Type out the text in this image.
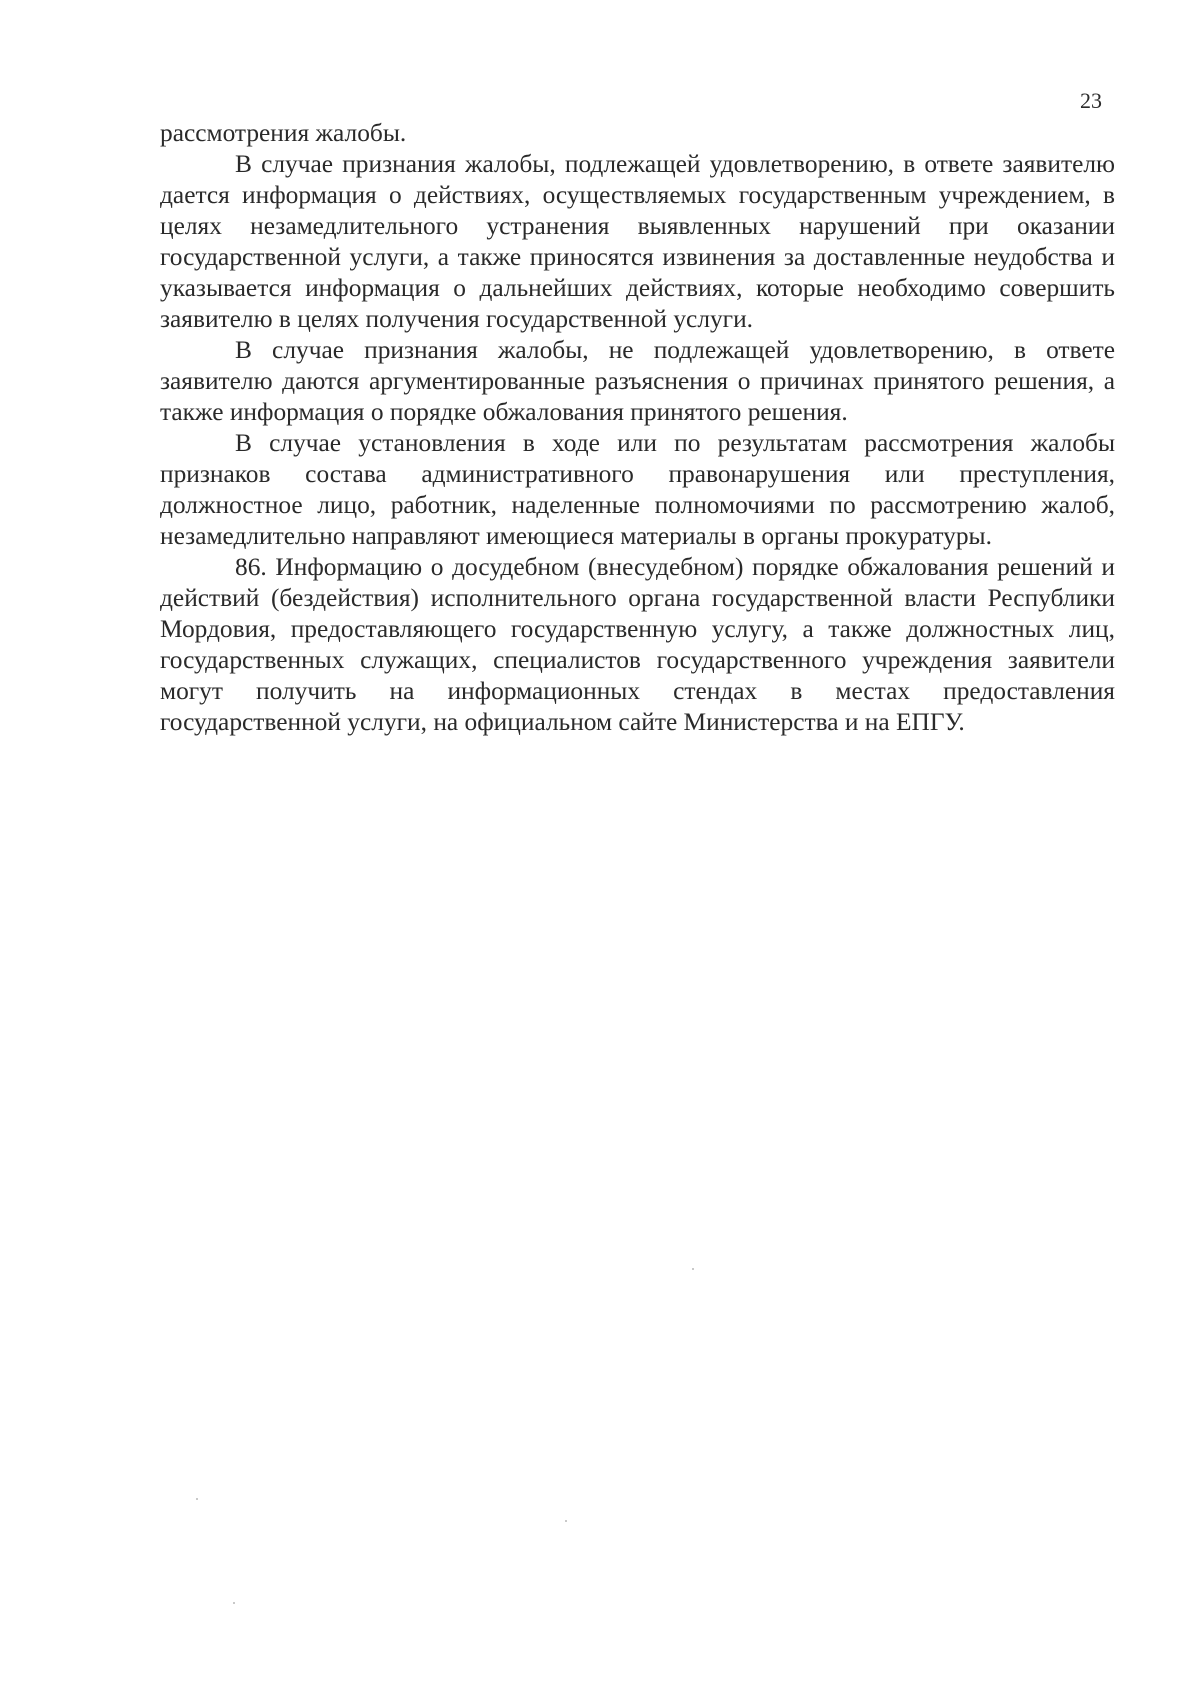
23

рассмотрения жалобы.

В случае признания жалобы, подлежащей удовлетворению, в ответе заявителю дается информация о действиях, осуществляемых государственным учреждением, в целях незамедлительного устранения выявленных нарушений при оказании государственной услуги, а также приносятся извинения за доставленные неудобства и указывается информация о дальнейших действиях, которые необходимо совершить заявителю в целях получения государственной услуги.

В случае признания жалобы, не подлежащей удовлетворению, в ответе заявителю даются аргументированные разъяснения о причинах принятого решения, а также информация о порядке обжалования принятого решения.

В случае установления в ходе или по результатам рассмотрения жалобы признаков состава административного правонарушения или преступления, должностное лицо, работник, наделенные полномочиями по рассмотрению жалоб, незамедлительно направляют имеющиеся материалы в органы прокуратуры.

86. Информацию о досудебном (внесудебном) порядке обжалования решений и действий (бездействия) исполнительного органа государственной власти Республики Мордовия, предоставляющего государственную услугу, а также должностных лиц, государственных служащих, специалистов государственного учреждения заявители могут получить на информационных стендах в местах предоставления государственной услуги, на официальном сайте Министерства и на ЕПГУ.
